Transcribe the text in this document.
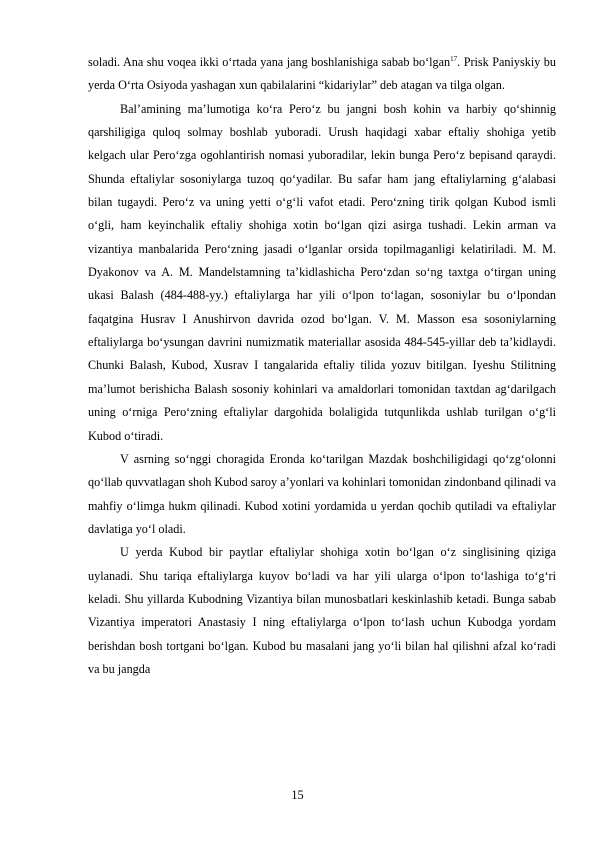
soladi. Ana shu voqea ikki o‘rtada yana jang boshlanishiga sabab bo‘lgan$^{17}$. Prisk Paniyskiy bu yerda O‘rta Osiyoda yashagan xun qabilalarini “kidariylar” deb atagan va tilga olgan.

Bal’amining ma’lumotiga ko‘ra Pero‘z bu jangni bosh kohin va harbiy qo‘shinnig qarshiligiga quloq solmay boshlab yuboradi. Urush haqidagi xabar eftaliy shohiga yetib kelgach ular Pero‘zga ogohlantirish nomasi yuboradilar, lekin bunga Pero‘z bepisand qaraydi. Shunda eftaliylar sosoniylarga tuzoq qo‘yadilar. Bu safar ham jang eftaliylarning g‘alabasi bilan tugaydi. Pero‘z va uning yetti o‘g‘li vafot etadi. Pero‘zning tirik qolgan Kubod ismli o‘gli, ham keyinchalik eftaliy shohiga xotin bo‘lgan qizi asirga tushadi. Lekin arman va vizantiya manbalarida Pero‘zning jasadi o‘lganlar orsida topilmaganligi kelatiriladi. M. M. Dyakonov va A. M. Mandelstamning ta’kidlashicha Pero‘zdan so‘ng taxtga o‘tirgan uning ukasi Balash (484-488-yy.) eftaliylarga har yili o‘lpon to‘lagan, sosoniylar bu o‘lpondan faqatgina Husrav I Anushirvon davrida ozod bo‘lgan. V. M. Masson esa sosoniylarning eftaliylarga bo‘ysungan davrini numizmatik materiallar asosida 484-545-yillar deb ta’kidlaydi. Chunki Balash, Kubod, Xusrav I tangalarida eftaliy tilida yozuv bitilgan. Iyeshu Stilitning ma’lumot berishicha Balash sosoniy kohinlari va amaldorlari tomonidan taxtdan ag‘darilgach uning o‘rniga Pero‘zning eftaliylar dargohida bolaligida tutqunlikda ushlab turilgan o‘g‘li Kubod o‘tiradi.

V asrning so‘nggi choragida Eronda ko‘tarilgan Mazdak boshchiligidagi qo‘zg‘olonni qo‘llab quvvatlagan shoh Kubod saroy a’yonlari va kohinlari tomonidan zindonband qilinadi va mahfiy o‘limga hukm qilinadi. Kubod xotini yordamida u yerdan qochib qutiladi va eftaliylar davlatiga yo‘l oladi.

U yerda Kubod bir paytlar eftaliylar shohiga xotin bo‘lgan o‘z singlisining qiziga uylanadi. Shu tariqa eftaliylarga kuyov bo‘ladi va har yili ularga o‘lpon to‘lashiga to‘g‘ri keladi. Shu yillarda Kubodning Vizantiya bilan munosbatlari keskinlashib ketadi. Bunga sabab Vizantiya imperatori Anastasiy I ning eftaliylarga o‘lpon to‘lash uchun Kubodga yordam berishdan bosh tortgani bo‘lgan. Kubod bu masalani jang yo‘li bilan hal qilishni afzal ko‘radi va bu jangda

15
